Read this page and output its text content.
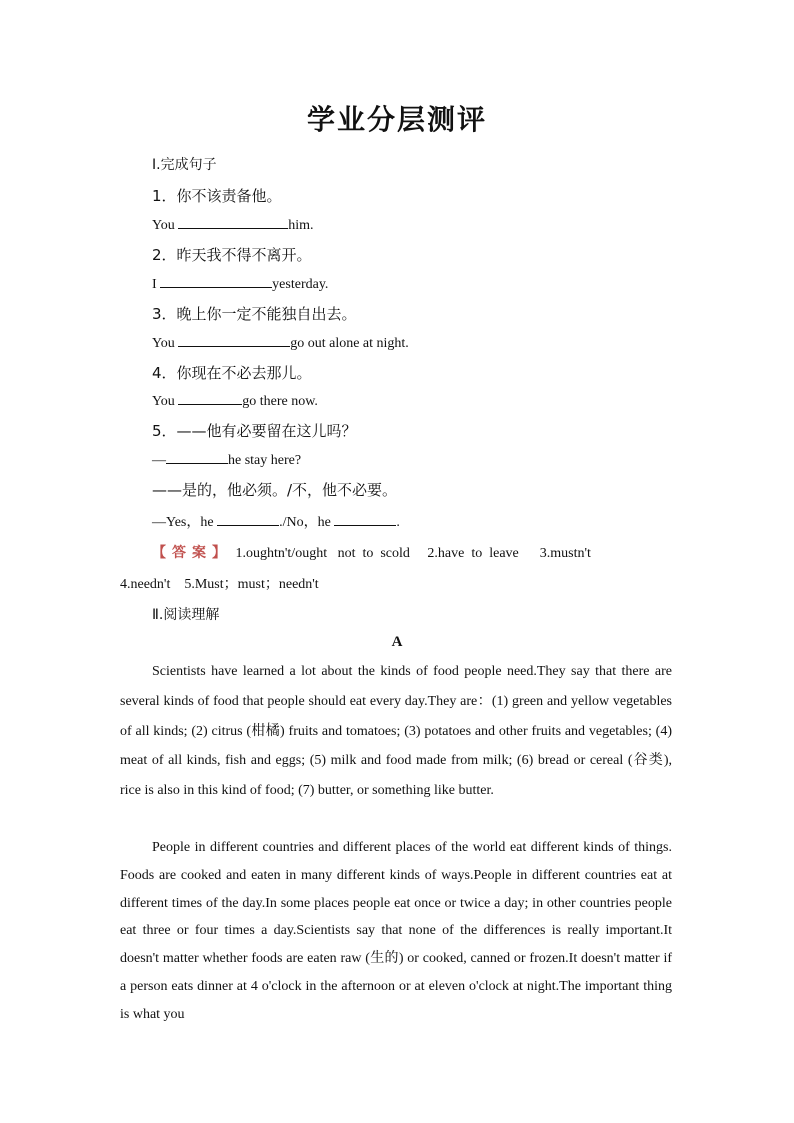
学业分层测评
Ⅰ.完成句子
1．你不该责备他。
You	him.
2．昨天我不得不离开。
I	yesterday.
3．晚上你一定不能独自出去。
You	go out alone at night.
4．你现在不必去那儿。
You	go there now.
5．——他有必要留在这儿吗？
—	he stay here?
——是的，他必须。/不，他不必要。
—Yes，he	./No，he	.
【答案】 1.oughtn't/ought   not  to  scold     2.have  to  leave      3.mustn't
4.needn't    5.Must；must；needn't
Ⅱ.阅读理解
A
Scientists have learned a lot about the kinds of food people need.They say that there are several kinds of food that people should eat every day.They are：(1) green and yellow vegetables of all kinds; (2) citrus (柑橘) fruits and tomatoes; (3) potatoes and other fruits and vegetables; (4) meat of all kinds, fish and eggs; (5) milk and food made from milk; (6) bread or cereal (谷类), rice is also in this kind of food; (7) butter, or something like butter.
People in different countries and different places of the world eat different kinds of things. Foods are cooked and eaten in many different kinds of ways.People in different countries eat at different times of the day.In some places people eat once or twice a day; in other countries people eat three or four times a day.Scientists say that none of the differences is really important.It doesn't matter whether foods are eaten raw (生的) or cooked, canned or frozen.It doesn't matter if a person eats dinner at 4 o'clock in the afternoon or at eleven o'clock at night.The important thing is what you
